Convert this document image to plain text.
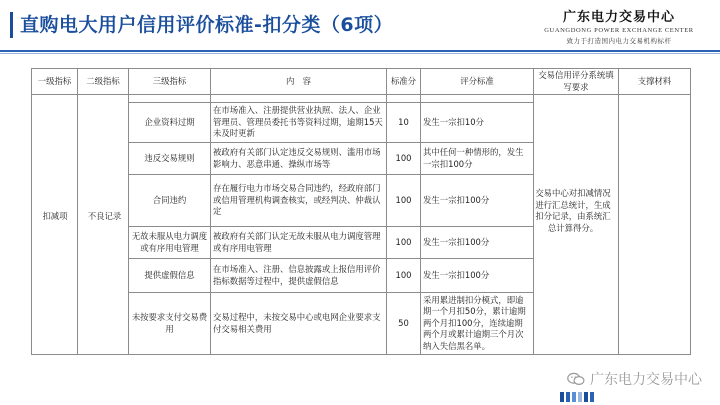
直购电大用户信用评价标准-扣分类（6项）	广东电力交易中心
GUANGDONG POWER EXCHANGE CENTER
致力于打造国内电力交易机构标杆
一级指标	二级指标	三级指标	内　容	标准分	评分标准	交易信用评分系统填写要求	支撑材料

		企业资料过期	在市场准入、注册提供营业执照、法人、企业管理员、管理员委托书等资料过期，逾期15天未及时更新	10	发生一宗扣10分		
		违反交易规则	被政府有关部门认定违反交易规则、滥用市场影响力、恶意串通、操纵市场等	100	其中任何一种情形的，发生一宗扣100分		
		合同违约	存在履行电力市场交易合同违约，经政府部门或信用管理机构调查核实，或经判决、仲裁认定	100	发生一宗扣100分		
		无故未服从电力调度或有序用电管理	被政府有关部门认定无故未服从电力调度管理或有序用电管理	100	发生一宗扣100分		
		提供虚假信息	在市场准入、注册、信息披露或上报信用评价指标数据等过程中，提供虚假信息	100	发生一宗扣100分		
		未按要求支付交易费用	交易过程中，未按交易中心或电网企业要求支付交易相关费用	50	采用累进制扣分模式，即逾期一个月扣50分，累计逾期两个月扣100分，连续逾期两个月或累计逾期三个月次纳入失信黑名单。		
扣减项	不良记录
交易中心对扣减情况进行汇总统计，生成扣分记录，由系统汇总计算得分。
广东电力交易中心
